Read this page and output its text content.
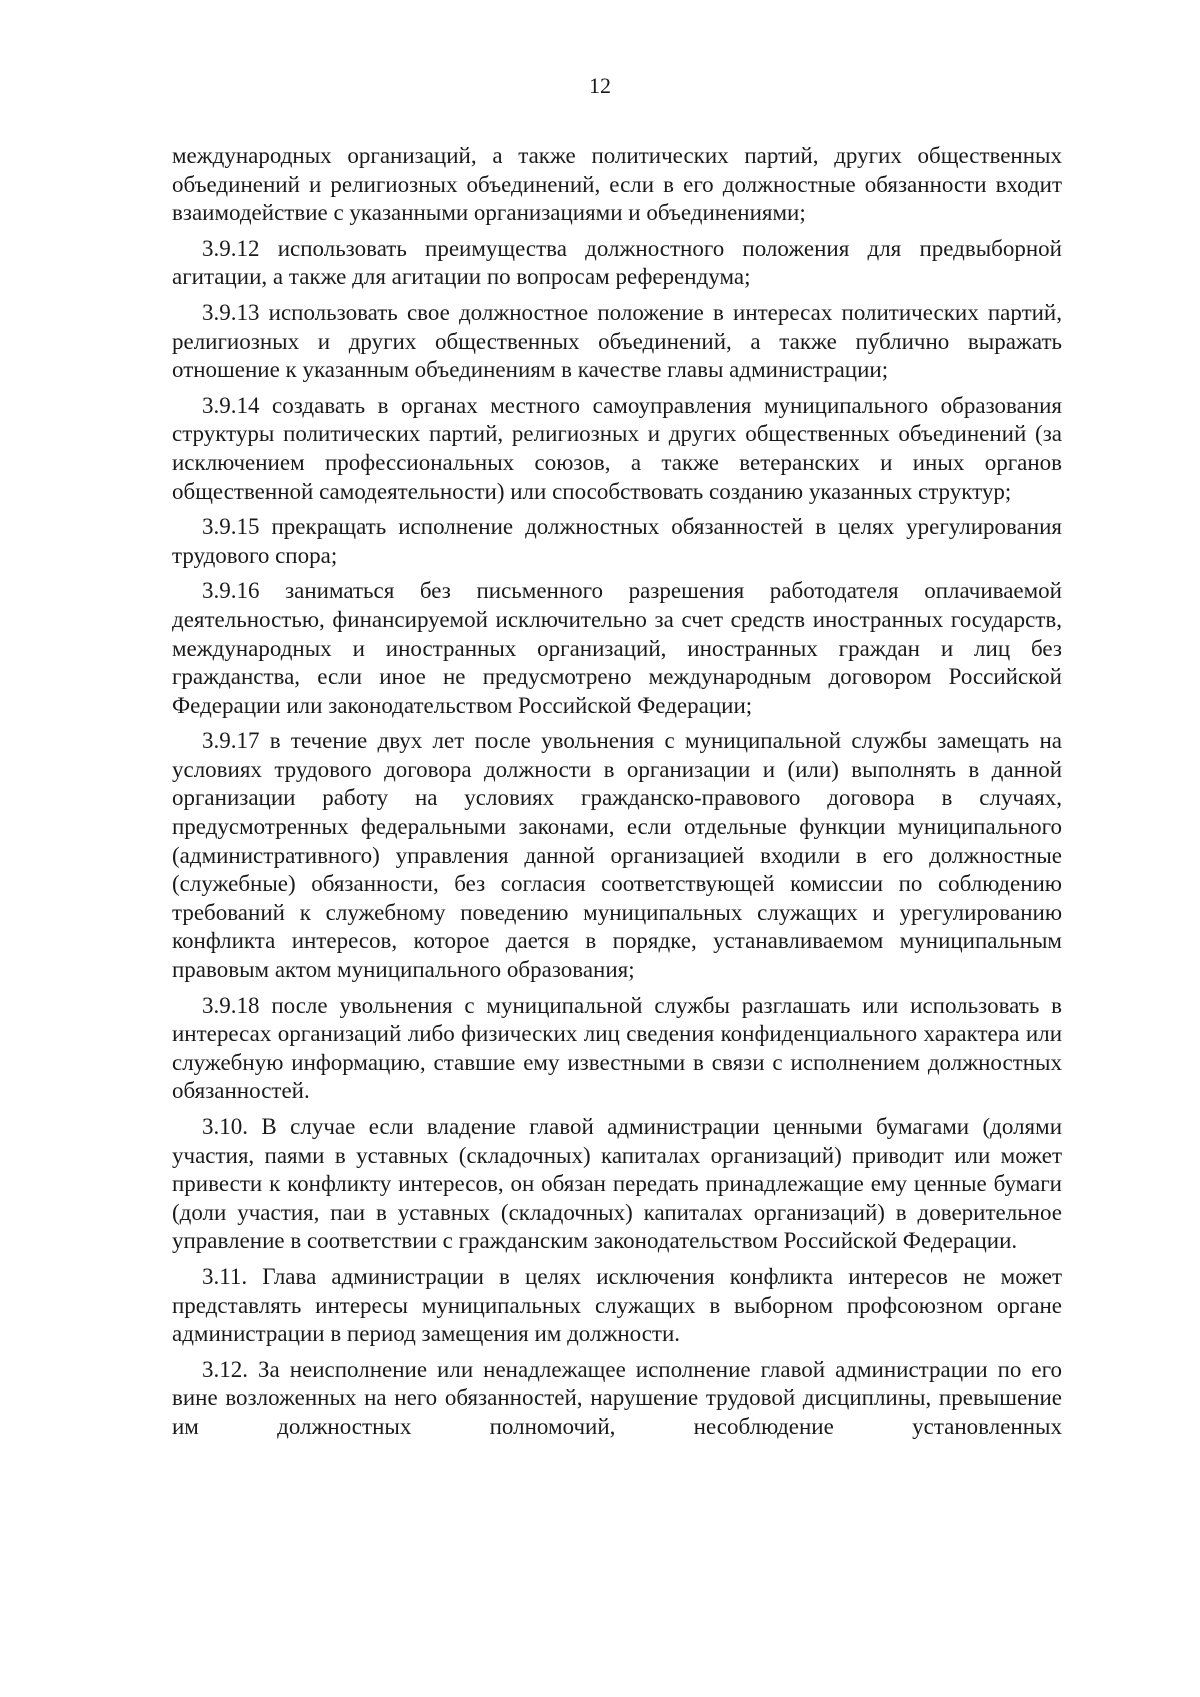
12

международных организаций, а также политических партий, других общественных объединений и религиозных объединений, если в его должностные обязанности входит взаимодействие с указанными организациями и объединениями;

3.9.12 использовать преимущества должностного положения для предвыборной агитации, а также для агитации по вопросам референдума;

3.9.13 использовать свое должностное положение в интересах политических партий, религиозных и других общественных объединений, а также публично выражать отношение к указанным объединениям в качестве главы администрации;

3.9.14 создавать в органах местного самоуправления муниципального образования структуры политических партий, религиозных и других общественных объединений (за исключением профессиональных союзов, а также ветеранских и иных органов общественной самодеятельности) или способствовать созданию указанных структур;

3.9.15 прекращать исполнение должностных обязанностей в целях урегулирования трудового спора;

3.9.16 заниматься без письменного разрешения работодателя оплачиваемой деятельностью, финансируемой исключительно за счет средств иностранных государств, международных и иностранных организаций, иностранных граждан и лиц без гражданства, если иное не предусмотрено международным договором Российской Федерации или законодательством Российской Федерации;

3.9.17 в течение двух лет после увольнения с муниципальной службы замещать на условиях трудового договора должности в организации и (или) выполнять в данной организации работу на условиях гражданско-правового договора в случаях, предусмотренных федеральными законами, если отдельные функции муниципального (административного) управления данной организацией входили в его должностные (служебные) обязанности, без согласия соответствующей комиссии по соблюдению требований к служебному поведению муниципальных служащих и урегулированию конфликта интересов, которое дается в порядке, устанавливаемом муниципальным правовым актом муниципального образования;

3.9.18 после увольнения с муниципальной службы разглашать или использовать в интересах организаций либо физических лиц сведения конфиденциального характера или служебную информацию, ставшие ему известными в связи с исполнением должностных обязанностей.

3.10. В случае если владение главой администрации ценными бумагами (долями участия, паями в уставных (складочных) капиталах организаций) приводит или может привести к конфликту интересов, он обязан передать принадлежащие ему ценные бумаги (доли участия, паи в уставных (складочных) капиталах организаций) в доверительное управление в соответствии с гражданским законодательством Российской Федерации.

3.11. Глава администрации в целях исключения конфликта интересов не может представлять интересы муниципальных служащих в выборном профсоюзном органе администрации в период замещения им должности.

3.12. За неисполнение или ненадлежащее исполнение главой администрации по его вине возложенных на него обязанностей, нарушение трудовой дисциплины, превышение им должностных полномочий, несоблюдение установленных
